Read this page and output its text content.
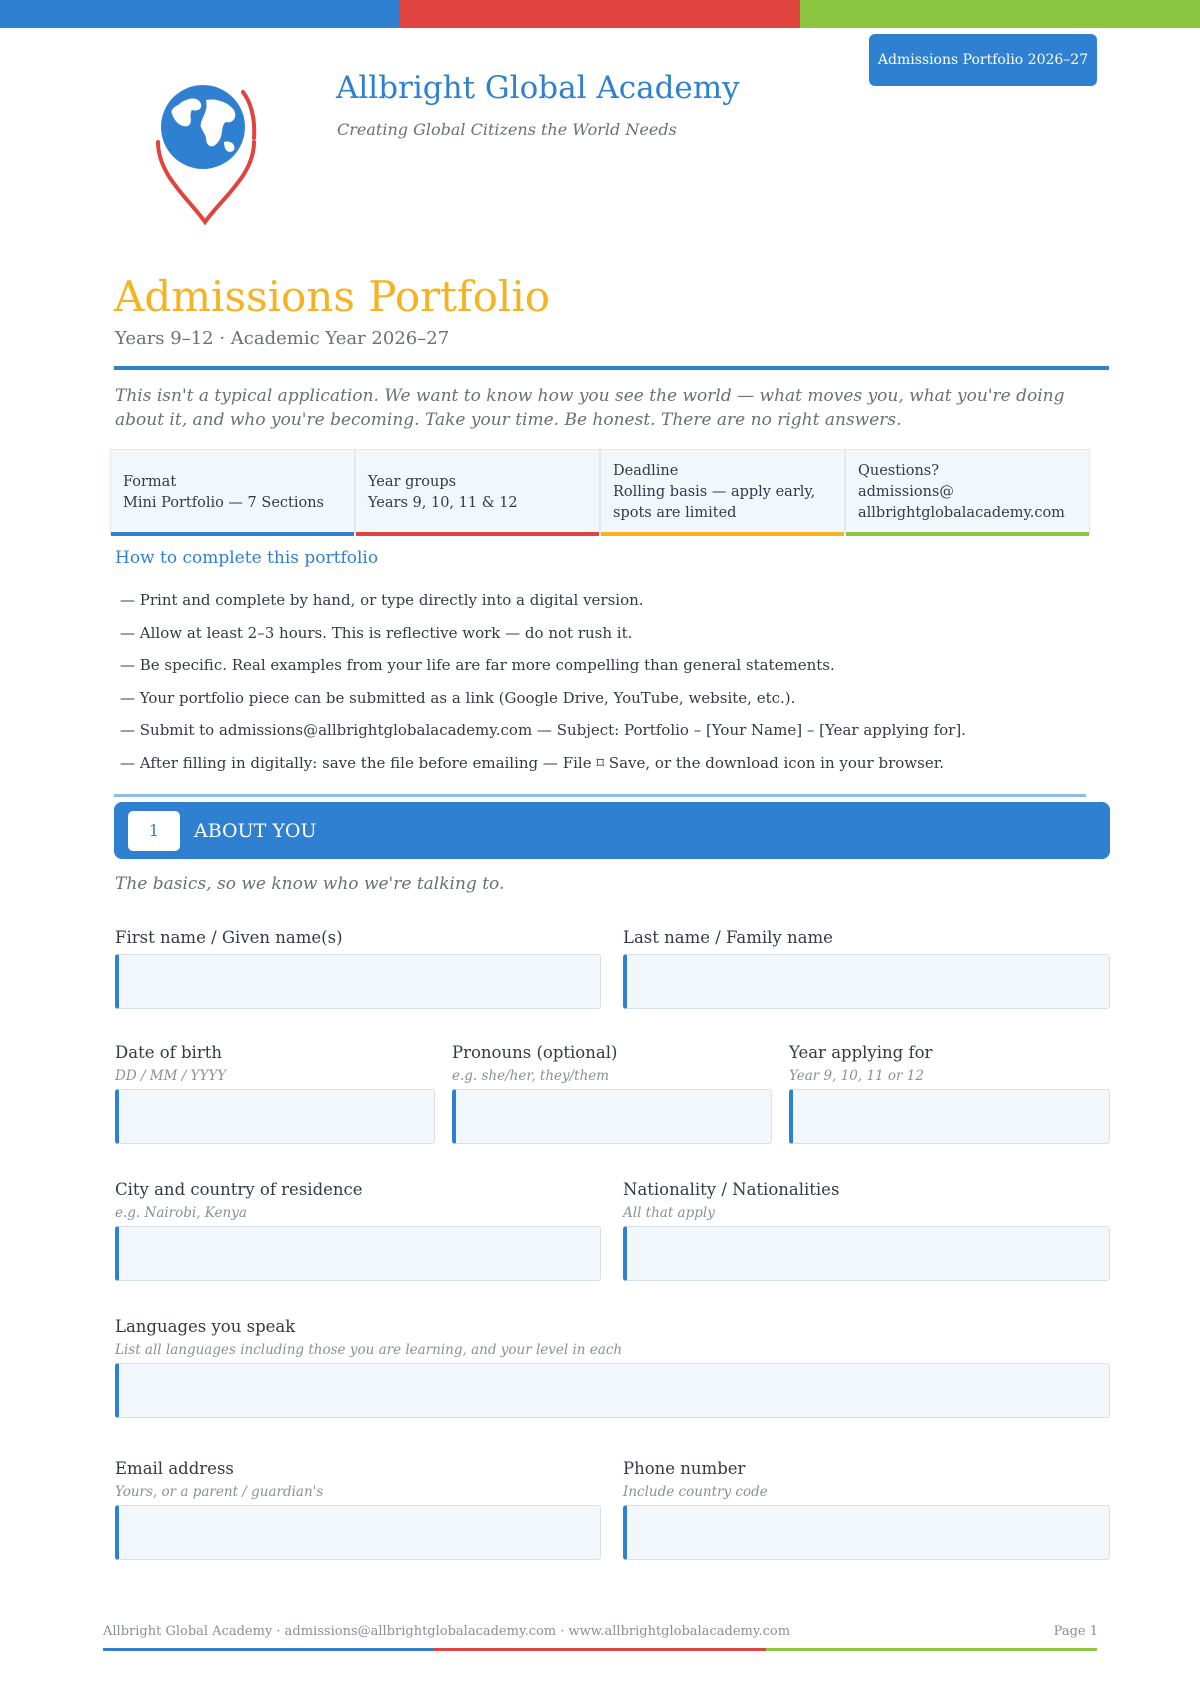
Admissions Portfolio 2026–27
Allbright Global Academy
Creating Global Citizens the World Needs
Admissions Portfolio
Years 9–12 · Academic Year 2026–27
This isn't a typical application. We want to know how you see the world — what moves you, what you're doing about it, and who you're becoming. Take your time. Be honest. There are no right answers.
Format
Mini Portfolio — 7 Sections
Year groups
Years 9, 10, 11 & 12
Deadline
Rolling basis — apply early, spots are limited
Questions?
admissions@ allbrightglobalacademy.com
How to complete this portfolio
— Print and complete by hand, or type directly into a digital version.
— Allow at least 2–3 hours. This is reflective work — do not rush it.
— Be specific. Real examples from your life are far more compelling than general statements.
— Your portfolio piece can be submitted as a link (Google Drive, YouTube, website, etc.).
— Submit to admissions@allbrightglobalacademy.com — Subject: Portfolio – [Your Name] – [Year applying for].
— After filling in digitally: save the file before emailing — File ⌑ Save, or the download icon in your browser.
1	ABOUT YOU
The basics, so we know who we're talking to.
First name / Given name(s)	Last name / Family name
Date of birth
DD / MM / YYYY
Pronouns (optional)
e.g. she/her, they/them
Year applying for
Year 9, 10, 11 or 12
City and country of residence
e.g. Nairobi, Kenya
Nationality / Nationalities
All that apply
Languages you speak
List all languages including those you are learning, and your level in each
Email address
Yours, or a parent / guardian's
Phone number
Include country code
Allbright Global Academy · admissions@allbrightglobalacademy.com · www.allbrightglobalacademy.com	Page 1
